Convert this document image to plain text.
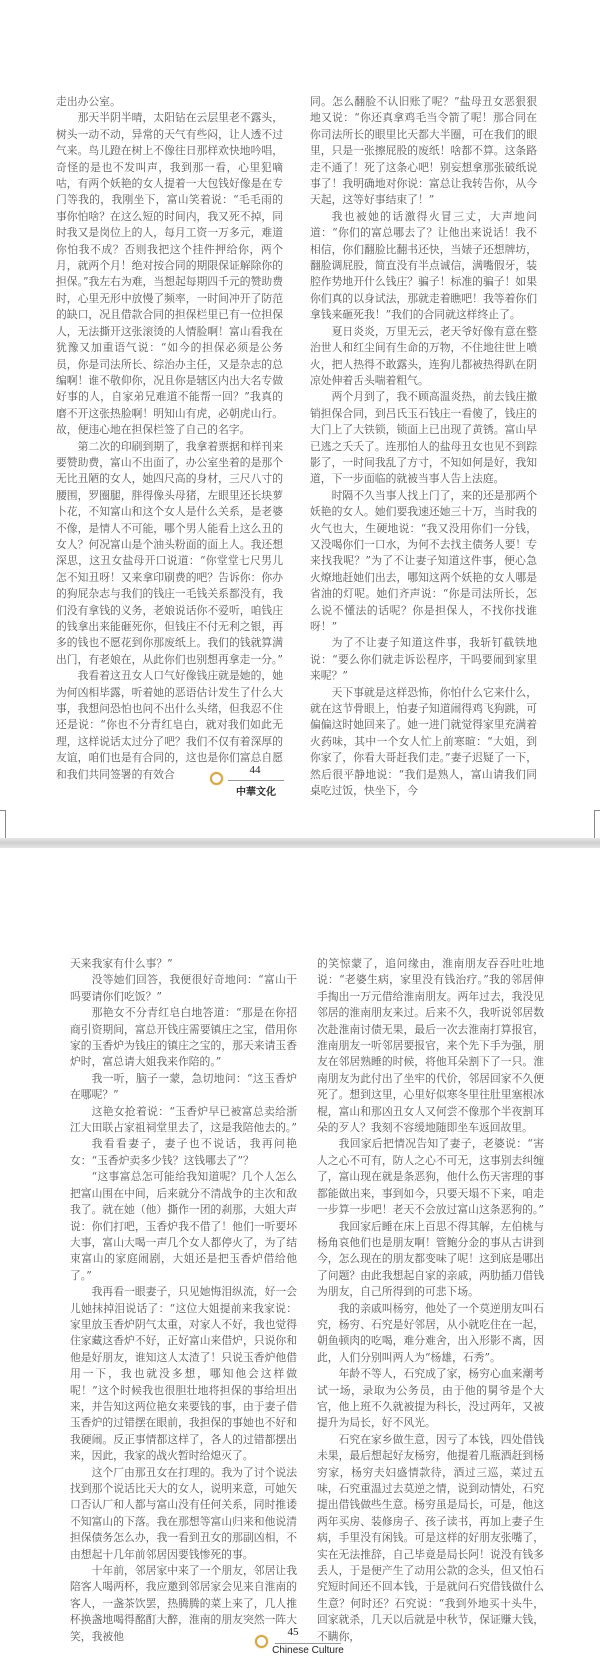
走出办公室。

那天半阴半晴，太阳钻在云层里老不露头，树头一动不动，异常的天气有些闷，让人透不过气来。鸟儿蹬在树上不像往日那样欢快地吟唱，奇怪的是也不发叫声，我到那一看，心里犯嘀咕，有两个妖艳的女人提着一大包钱好像是在专门等我的，我刚坐下，富山笑着说：“毛毛雨的事你怕啥？在这么短的时间内，我又死不掉，同时我又是岗位上的人，每月工资一万多元，难道你怕我不成？否则我把这个挂件押给你，两个月，就两个月！绝对按合同的期限保证解除你的担保。”我左右为难，当想起每期四千元的赞助费时，心里无形中放慢了频率，一时间冲开了防范的缺口，况且借款合同的担保栏里已有一位担保人，无法撕开这张滚烫的人情脸啊！富山看我在犹豫又加重语气说：“如今的担保必须是公务员，你是司法所长、综治办主任，又是杂志的总编啊！谁不敬仰你，况且你是辖区内出大名专做好事的人，自家弟兄难道不能帮一回？”我真的磨不开这张热脸啊！明知山有虎，必朝虎山行。故，便违心地在担保栏签了自己的名字。

第二次的印刷到期了，我拿着票据和样刊来要赞助费，富山不出面了，办公室坐着的是那个无比丑陋的女人，她四尺高的身材，三尺八寸的腰围，罗圈腿，胖得像头母猪，左眼里还长块萝卜花，不知富山和这个女人是什么关系，是老婆不像，是情人不可能，哪个男人能看上这么丑的女人？何况富山是个油头粉面的面上人。我还想深思，这丑女盐母开口说道：“你堂堂七尺男儿怎不知丑呀！又来拿印刷费的吧？告诉你：你办的狗屁杂志与我们的钱庄一毛钱关系都没有，我们没有拿钱的义务，老娘说话你不爱听，咱钱庄的钱拿出来能砸死你，但钱庄不付无利之银，再多的钱也不愿花到你那废纸上。我们的钱就算满出门，有老娘在，从此你们也别想再拿走一分。”

我看着这丑女人口气好像钱庄就是她的，她为何凶相毕露，听着她的恶语估计发生了什么大事，我想问恐怕也问不出什么头绪，但我忍不住还是说：“你也不分青红皂白，就对我们如此无理，这样说话太过分了吧？我们不仅有着深厚的友谊，咱们也是有合同的，这也是你们富总自愿和我们共同签署的有效合

同。怎么翻脸不认旧账了呢？”盐母丑女恶狠狠地又说：“你还真拿鸡毛当令箭了呢！那合同在你司法所长的眼里比天都大半圈，可在我们的眼里，只是一张擦屁股的废纸！啥都不算。这条路走不通了！死了这条心吧！别妄想拿那张破纸说事了！我明确地对你说：富总让我转告你，从今天起，这等好事结束了！”

我也被她的话激得火冒三丈，大声地问道：“你们的富总哪去了？让他出来说话！我不相信，你们翻脸比翻书还快，当婊子还想牌坊，翻脸调屁股，简直没有半点诚信，满嘴假牙，装腔作势地开什么钱庄？骗子！标准的骗子！如果你们真的以身试法，那就走着瞧吧！我等着你们拿钱来砸死我！”我们的合同就这样终止了。

夏日炎炎，万里无云，老天爷好像有意在整治世人和红尘间有生命的万物，不住地往世上喷火，把人热得不敢露头，连狗儿都被热得趴在阴凉处伸着舌头喘着粗气。

两个月到了，我不顾高温炎热，前去钱庄撤销担保合同，到吕氏玉石钱庄一看傻了，钱庄的大门上了大铁锁，锁面上已出现了黄锈。富山早已逃之夭夭了。连那怕人的盐母丑女也见不到踪影了，一时间我乱了方寸，不知如何是好，我知道，下一步面临的就被当事人告上法庭。

时隔不久当事人找上门了，来的还是那两个妖艳的女人。她们要我速还她三十万，当时我的火气也大，生硬地说：“我又没用你们一分钱，又没喝你们一口水，为何不去找主债务人要！专来找我呢？”为了不让妻子知道这件事，便心急火燎地赶她们出去，哪知这两个妖艳的女人哪是省油的灯呢。她们齐声说：“你是司法所长，怎么说不懂法的话呢？你是担保人，不找你找谁呀！”

为了不让妻子知道这件事，我斩钉截铁地说：“要么你们就走诉讼程序，干吗要闹到家里来呢？”

天下事就是这样恐怖，你怕什么它来什么，就在这节骨眼上，怕妻子知道闹得鸡飞狗跳，可偏偏这时她回来了。她一进门就觉得家里充满着火药味，其中一个女人忙上前寒暄：“大姐，到你家了，你看大哥赶我们走。”妻子迟疑了一下，然后很平静地说：“我们是熟人，富山请我们同桌吃过饭，快坐下，今

44
中華文化

天来我家有什么事？”

没等她们回答，我便很好奇地问：“富山干吗要请你们吃饭？”

那艳女不分青红皂白地答道：“那是在你招商引资期间，富总开钱庄需要镇庄之宝，借用你家的玉香炉为钱庄的镇庄之宝的，那天来请玉香炉时，富总请大姐我来作陪的。”

我一听，脑子一蒙，急切地问：“这玉香炉在哪呢？”

这艳女抢着说：“玉香炉早已被富总卖给浙江大田联占家祖祠堂里去了，这是我陪他去的。”

我看看妻子，妻子也不说话，我再问艳女：“玉香炉卖多少钱？这钱哪去了”？

“这事富总怎可能给我知道呢？几个人怎么把富山围在中间，后来就分不清战争的主次和敌我了。就在她（他）撕作一团的刹那，大姐大声说：你们打吧，玉香炉我不借了！他们一听要坏大事，富山大喝一声几个女人都停火了，为了结束富山的家庭闹剧，大姐还是把玉香炉借给他了。”

我再看一眼妻子，只见她悔泪纵流，好一会儿她抹掉泪说话了：“这位大姐提前来我家说：家里放玉香炉阴气太重，对家人不好，我也觉得住家藏这香炉不好，正好富山来借炉，只说你和他是好朋友，谁知这人太渣了！只说玉香炉他借用一下，我也就没多想，哪知他会这样做呢！”这个时候我也很胆壮地将担保的事给坦出来，并告知这两位艳女来要钱的事，由于妻子借玉香炉的过错摆在眼前，我担保的事她也不好和我硬闹。反正事情都这样了，各人的过错都摆出来，因此，我家的战火暂时给熄灭了。

这个厂由那丑女在打理的。我为了讨个说法找到那个说话比天大的女人，说明来意，可她矢口否认厂和人都与富山没有任何关系，同时推诿不知富山的下落。我在那想等富山归来和他说清担保债务怎么办，我一看到丑女的那副凶相，不由想起十几年前邻居因要钱惨死的事。

十年前，邻居家中来了一个朋友，邻居让我陪客人喝两杯，我应邀到邻居家会见来自淮南的客人，一盏茶饮罢，热腾腾的菜上来了，几人推杯换盏地喝得酩酊大醉，淮南的朋友突然一阵大笑，我被他

的笑惊蒙了，追问缘由，淮南朋友吞吞吐吐地说：“老婆生病，家里没有钱治疗。”我的邻居伸手掏出一万元借给淮南朋友。两年过去，我没见邻居的淮南朋友来过。后来不久，我听说邻居数次赴淮南讨债无果，最后一次去淮南打算报官，淮南朋友一听邻居要报官，来个先下手为强，朋友在邻居熟睡的时候，将他耳朵割下了一只。淮南朋友为此付出了坐牢的代价，邻居回家不久便死了。想到这里，心里好似寒冬里往肚里塞根冰棍，富山和那凶丑女人又何尝不像那个半夜割耳朵的歹人？我刻不容缓地随即坐车返回故里。

我回家后把情况告知了妻子，老婆说：“害人之心不可有，防人之心不可无，这事别去纠缠了，富山现在就是条恶狗，他什么伤天害理的事都能做出来，事到如今，只要天塌不下来，咱走一步算一步吧！老天不会放过富山这条恶狗的。”

我回家后睡在床上百思不得其解，左伯桃与杨角哀他们也是朋友啊！管鲍分金的事从古讲到今，怎么现在的朋友都变味了呢！这到底是哪出了问题？由此我想起自家的亲戚，两肋插刀借钱为朋友，自己所得到的可悲下场。

我的亲戚叫杨穷，他处了一个莫逆朋友叫石究，杨穷、石究是好邻居，从小就吃住在一起，朝鱼顿肉的吃喝，难分难舍，出入形影不离，因此，人们分别叫两人为“杨雄，石秀”。

年龄不等人，石究成了家，杨穷心血来潮考试一场，录取为公务员，由于他的舅爷是个大官，他上班不久就被提为科长，没过两年，又被提升为局长，好不风光。

石究在家乡做生意，因亏了本钱，四处借钱未果，最后想起好友杨穷，他提着几瓶酒赶到杨穷家，杨穷夫妇盛情款待，酒过三巡，菜过五味，石究重温过去莫逆之情，说到动情处，石究提出借钱做些生意。杨穷虽是局长，可是，他这两年买房、装修房子、孩子读书，再加上妻子生病，手里没有闲钱。可是这样的好朋友张嘴了，实在无法推辞，自己毕竟是局长阿！说没有钱多丢人，于是便产生了动用公款的念头，但又怕石究短时间还不回本钱，于是就问石究借钱做什么生意？何时还？石究说：“我到外地买十头牛，回家就杀，几天以后就是中秋节，保证赚大钱，不瞒你，

45
Chinese Culture
